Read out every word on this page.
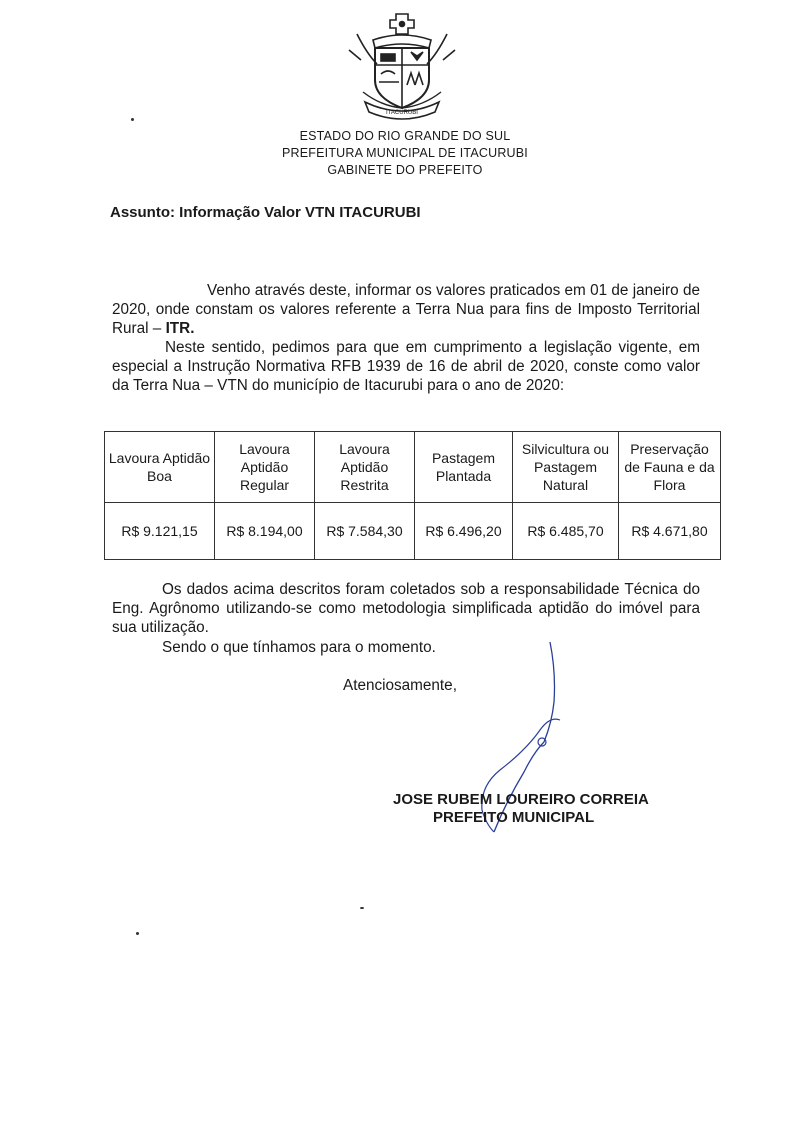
ITACURUBI
ESTADO DO RIO GRANDE DO SUL
PREFEITURA MUNICIPAL DE ITACURUBI
GABINETE DO PREFEITO
Assunto: Informação Valor VTN ITACURUBI
Venho através deste, informar os valores praticados em 01 de janeiro de 2020, onde constam os valores referente a Terra Nua para fins de Imposto Territorial Rural – ITR.
Neste sentido, pedimos para que em cumprimento a legislação vigente, em especial a Instrução Normativa RFB 1939 de 16 de abril de 2020, conste como valor da Terra Nua – VTN do município de Itacurubi para o ano de 2020:
Lavoura Aptidão Boa	Lavoura Aptidão Regular	Lavoura Aptidão Restrita	Pastagem Plantada	Silvicultura ou Pastagem Natural	Preservação de Fauna e da Flora
R$ 9.121,15	R$ 8.194,00	R$ 7.584,30	R$ 6.496,20	R$ 6.485,70	R$ 4.671,80
Os dados acima descritos foram coletados sob a responsabilidade Técnica do Eng. Agrônomo utilizando-se como metodologia simplificada aptidão do imóvel para sua utilização.
Sendo o que tínhamos para o momento.
Atenciosamente,
JOSE RUBEM LOUREIRO CORREIA
PREFEITO MUNICIPAL
